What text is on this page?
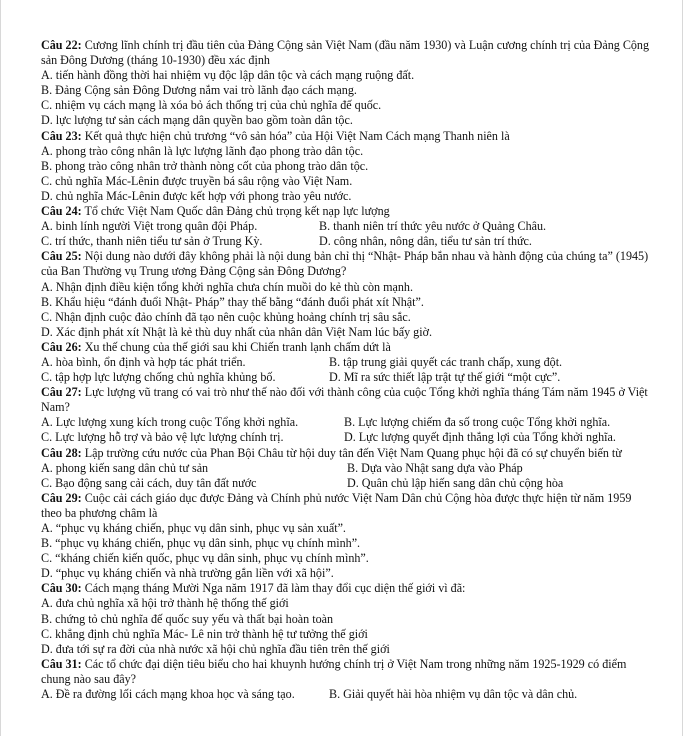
Câu 22: Cương lĩnh chính trị đầu tiên của Đảng Cộng sản Việt Nam (đầu năm 1930) và Luận cương chính trị của Đảng Cộng sản Đông Dương (tháng 10-1930) đều xác định

A. tiến hành đồng thời hai nhiệm vụ độc lập dân tộc và cách mạng ruộng đất.

B. Đảng Cộng sản Đông Dương nắm vai trò lãnh đạo cách mạng.

C. nhiệm vụ cách mạng là xóa bỏ ách thống trị của chủ nghĩa đế quốc.

D. lực lượng tư sản cách mạng dân quyền bao gồm toàn dân tộc.

Câu 23: Kết quả thực hiện chủ trương “vô sản hóa” của Hội Việt Nam Cách mạng Thanh niên là

A. phong trào công nhân là lực lượng lãnh đạo phong trào dân tộc.

B. phong trào công nhân trở thành nòng cốt của phong trào dân tộc.

C. chủ nghĩa Mác-Lênin được truyền bá sâu rộng vào Việt Nam.

D. chủ nghĩa Mác-Lênin được kết hợp với phong trào yêu nước.

Câu 24: Tổ chức Việt Nam Quốc dân Đảng chủ trọng kết nạp lực lượng

A. binh lính người Việt trong quân đội Pháp.	B. thanh niên trí thức yêu nước ở Quảng Châu.
C. trí thức, thanh niên tiểu tư sản ở Trung Kỳ.	D. công nhân, nông dân, tiểu tư sản trí thức.

Câu 25: Nội dung nào dưới đây không phải là nội dung bản chỉ thị “Nhật- Pháp bắn nhau và hành động của chúng ta” (1945) của Ban Thường vụ Trung ương Đảng Cộng sản Đông Dương?

A. Nhận định điều kiện tổng khởi nghĩa chưa chín muồi do kẻ thù còn mạnh.

B. Khẩu hiệu “đánh đuổi Nhật- Pháp” thay thế bằng “đánh đuổi phát xít Nhật”.

C. Nhận định cuộc đảo chính đã tạo nên cuộc khủng hoảng chính trị sâu sắc.

D. Xác định phát xít Nhật là kẻ thù duy nhất của nhân dân Việt Nam lúc bấy giờ.

Câu 26: Xu thế chung của thế giới sau khi Chiến tranh lạnh chấm dứt là

A. hòa bình, ổn định và hợp tác phát triển.	B. tập trung giải quyết các tranh chấp, xung đột.
C. tập hợp lực lượng chống chủ nghĩa khủng bố.	D. Mĩ ra sức thiết lập trật tự thế giới “một cực”.

Câu 27: Lực lượng vũ trang có vai trò như thế nào đối với thành công của cuộc Tổng khởi nghĩa tháng Tám năm 1945 ở Việt Nam?

A. Lực lượng xung kích trong cuộc Tổng khởi nghĩa.	B. Lực lượng chiếm đa số trong cuộc Tổng khởi nghĩa.
C. Lực lượng hỗ trợ và bảo vệ lực lượng chính trị.	D. Lực lượng quyết định thắng lợi của Tổng khởi nghĩa.

Câu 28: Lập trường cứu nước của Phan Bội Châu từ hội duy tân đến Việt Nam Quang phục hội đã có sự chuyển biến từ

A. phong kiến sang dân chủ tư sản	B. Dựa vào Nhật sang dựa vào Pháp
C. Bạo động sang cải cách, duy tân đất nước	D. Quân chủ lập hiến sang dân chủ cộng hòa

Câu 29: Cuộc cải cách giáo dục được Đảng và Chính phủ nước Việt Nam Dân chủ Cộng hòa được thực hiện từ năm 1959 theo ba phương châm là

A. “phục vụ kháng chiến, phục vụ dân sinh, phục vụ sản xuất”.

B. “phục vụ kháng chiến, phục vụ dân sinh, phục vụ chính mình”.

C. “kháng chiến kiến quốc, phục vụ dân sinh, phục vụ chính mình”.

D. “phục vụ kháng chiến và nhà trường gắn liền với xã hội”.

Câu 30: Cách mạng tháng Mười Nga năm 1917 đã làm thay đổi cục diện thế giới vì đã:

A. đưa chủ nghĩa xã hội trở thành hệ thống thế giới

B. chứng tỏ chủ nghĩa đế quốc suy yếu và thất bại hoàn toàn

C. khẳng định chủ nghĩa Mác- Lê nin trở thành hệ tư tưởng thế giới

D. đưa tới sự ra đời của nhà nước xã hội chủ nghĩa đầu tiên trên thế giới

Câu 31: Các tổ chức đại diện tiêu biểu cho hai khuynh hướng chính trị ở Việt Nam trong những năm 1925-1929 có điểm chung nào sau đây?

A. Đề ra đường lối cách mạng khoa học và sáng tạo.	B. Giải quyết hài hòa nhiệm vụ dân tộc và dân chủ.
